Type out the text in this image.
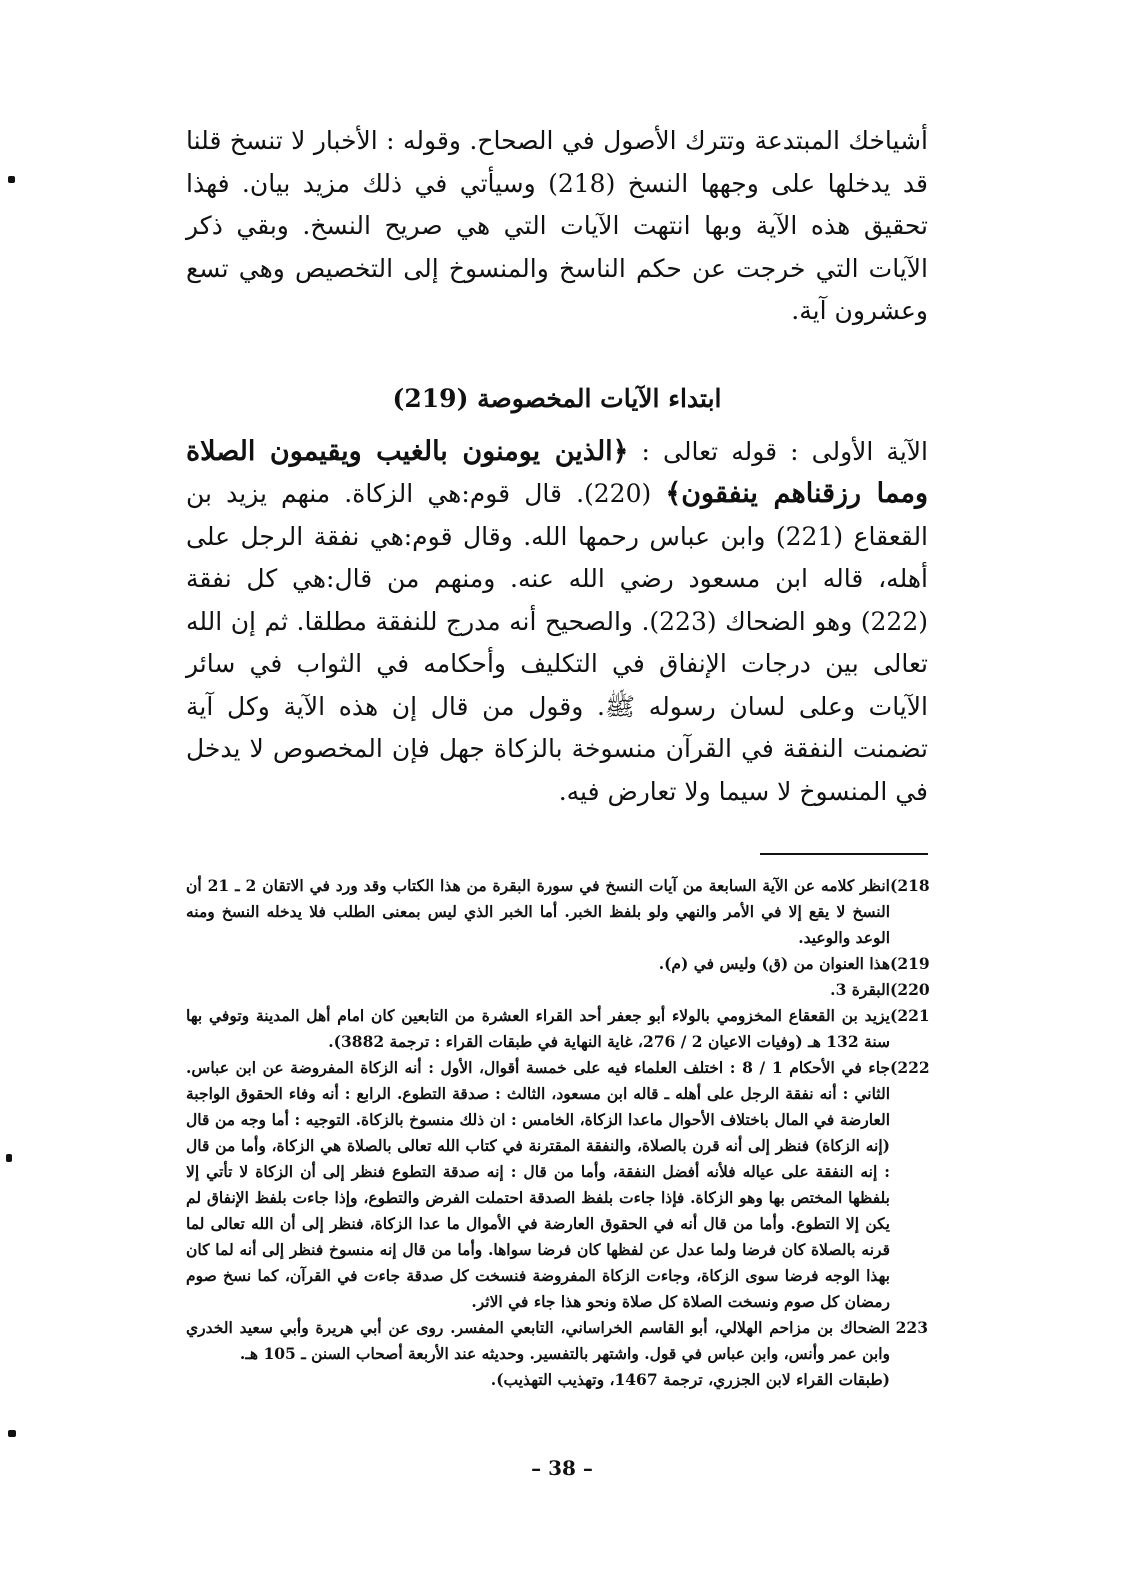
أشياخك المبتدعة وتترك الأصول في الصحاح. وقوله : الأخبار لا تنسخ قلنا قد يدخلها على وجهها النسخ (218) وسيأتي في ذلك مزيد بيان. فهذا تحقيق هذه الآية وبها انتهت الآيات التي هي صريح النسخ. وبقي ذكر الآيات التي خرجت عن حكم الناسخ والمنسوخ إلى التخصيص وهي تسع وعشرون آية.

ابتداء الآيات المخصوصة (219)

الآية الأولى : قوله تعالى : ﴿الذين يومنون بالغيب ويقيمون الصلاة ومما رزقناهم ينفقون﴾ (220). قال قوم:هي الزكاة. منهم يزيد بن القعقاع (221) وابن عباس رحمها الله. وقال قوم:هي نفقة الرجل على أهله، قاله ابن مسعود رضي الله عنه. ومنهم من قال:هي كل نفقة (222) وهو الضحاك (223). والصحيح أنه مدرج للنفقة مطلقا. ثم إن الله تعالى بين درجات الإنفاق في التكليف وأحكامه في الثواب في سائر الآيات وعلى لسان رسوله ﷺ. وقول من قال إن هذه الآية وكل آية تضمنت النفقة في القرآن منسوخة بالزكاة جهل فإن المخصوص لا يدخل في المنسوخ لا سيما ولا تعارض فيه.

(218
انظر كلامه عن الآية السابعة من آيات النسخ في سورة البقرة من هذا الكتاب وقد ورد في الاتقان 2 ـ 21 أن النسخ لا يقع إلا في الأمر والنهي ولو بلفظ الخبر. أما الخبر الذي ليس بمعنى الطلب فلا يدخله النسخ ومنه الوعد والوعيد.
(219
هذا العنوان من (ق) وليس في (م).
(220
البقرة 3.
(221
يزيد بن القعقاع المخزومي بالولاء أبو جعفر أحد القراء العشرة من التابعين كان امام أهل المدينة وتوفي بها سنة 132 هـ (وفيات الاعيان 2 / 276، غاية النهاية في طبقات القراء : ترجمة 3882).
(222
جاء في الأحكام 1 / 8 : اختلف العلماء فيه على خمسة أقوال، الأول : أنه الزكاة المفروضة عن ابن عباس. الثاني : أنه نفقة الرجل على أهله ـ قاله ابن مسعود، الثالث : صدقة التطوع. الرابع : أنه وفاء الحقوق الواجبة العارضة في المال باختلاف الأحوال ماعدا الزكاة، الخامس : ان ذلك منسوخ بالزكاة. التوجيه : أما وجه من قال (إنه الزكاة) فنظر إلى أنه قرن بالصلاة، والنفقة المقترنة في كتاب الله تعالى بالصلاة هي الزكاة، وأما من قال : إنه النفقة على عياله فلأنه أفضل النفقة، وأما من قال : إنه صدقة التطوع فنظر إلى أن الزكاة لا تأتي إلا بلفظها المختص بها وهو الزكاة. فإذا جاءت بلفظ الصدقة احتملت الفرض والتطوع، وإذا جاءت بلفظ الإنفاق لم يكن إلا التطوع. وأما من قال أنه في الحقوق العارضة في الأموال ما عدا الزكاة، فنظر إلى أن الله تعالى لما قرنه بالصلاة كان فرضا ولما عدل عن لفظها كان فرضا سواها. وأما من قال إنه منسوخ فنظر إلى أنه لما كان بهذا الوجه فرضا سوى الزكاة، وجاءت الزكاة المفروضة فنسخت كل صدقة جاءت في القرآن، كما نسخ صوم رمضان كل صوم ونسخت الصلاة كل صلاة ونحو هذا جاء في الاثر.
223
الضحاك بن مزاحم الهلالي، أبو القاسم الخراساني، التابعي المفسر. روى عن أبي هريرة وأبي سعيد الخدري وابن عمر وأنس، وابن عباس في قول. واشتهر بالتفسير. وحديثه عند الأربعة أصحاب السنن ـ 105 هـ.
(طبقات القراء لابن الجزري، ترجمة 1467، وتهذيب التهذيب).
– 38 –
